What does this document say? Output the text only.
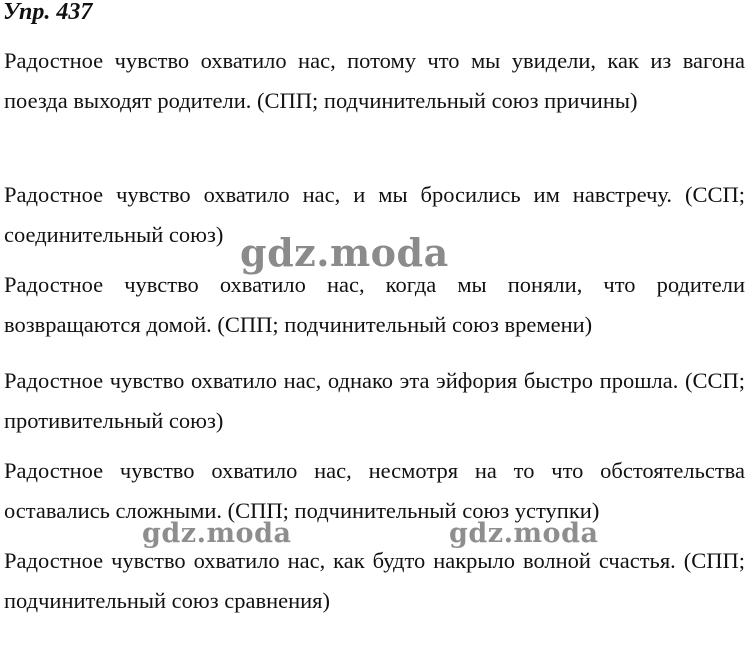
Упр. 437

Радостное чувство охватило нас, потому что мы увидели, как из вагона поезда выходят родители. (СПП; подчинительный союз причины)

Радостное чувство охватило нас, и мы бросились им навстречу. (ССП; соединительный союз)

Радостное чувство охватило нас, когда мы поняли, что родители возвращаются домой. (СПП; подчинительный союз времени)

Радостное чувство охватило нас, однако эта эйфория быстро прошла. (ССП; противительный союз)

Радостное чувство охватило нас, несмотря на то что обстоятельства оставались сложными. (СПП; подчинительный союз уступки)

Радостное чувство охватило нас, как будто накрыло волной счастья. (СПП; подчинительный союз сравнения)

gdz.moda
gdz.moda	gdz.moda
